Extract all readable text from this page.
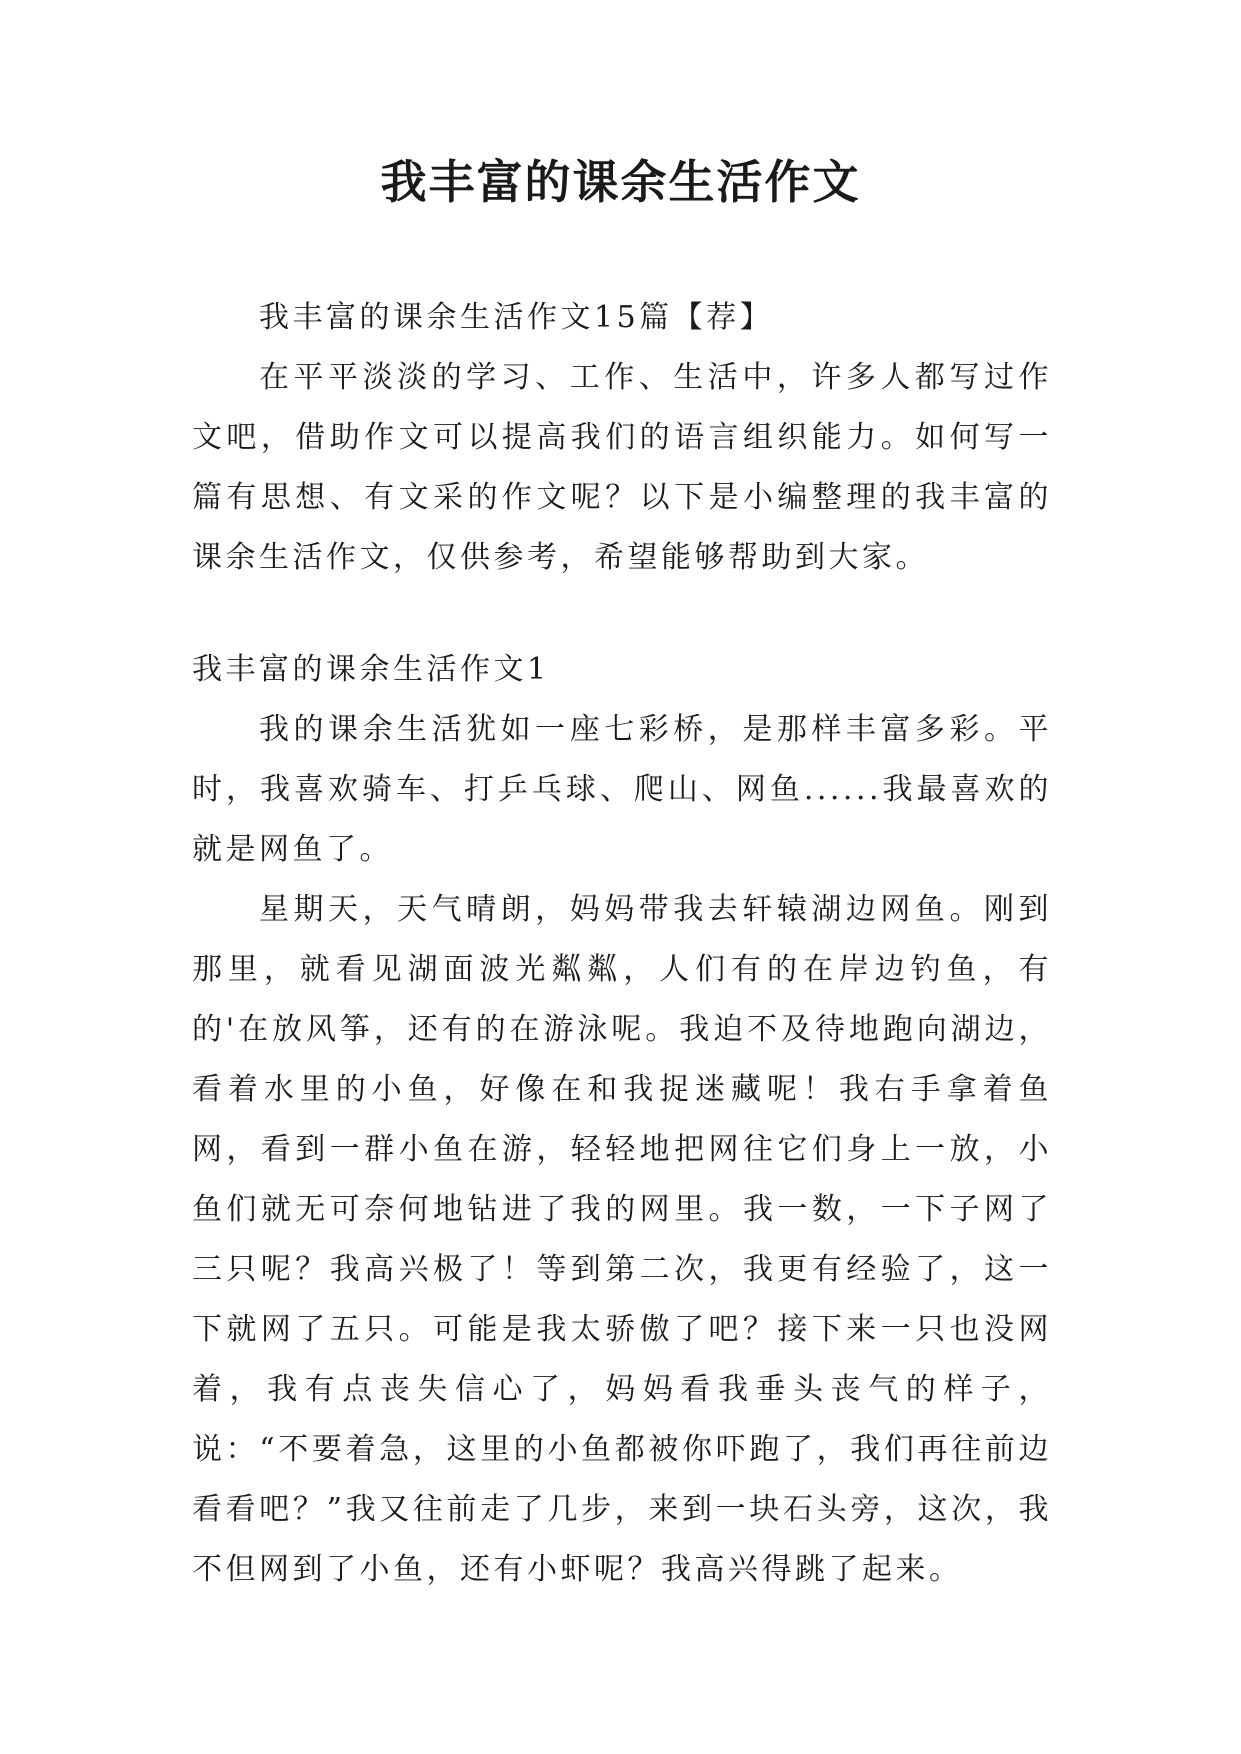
我丰富的课余生活作文

我丰富的课余生活作文15篇【荐】

在平平淡淡的学习、工作、生活中，许多人都写过作文吧，借助作文可以提高我们的语言组织能力。如何写一篇有思想、有文采的作文呢？以下是小编整理的我丰富的课余生活作文，仅供参考，希望能够帮助到大家。

我丰富的课余生活作文1

我的课余生活犹如一座七彩桥，是那样丰富多彩。平时，我喜欢骑车、打乒乓球、爬山、网鱼......我最喜欢的就是网鱼了。

星期天，天气晴朗，妈妈带我去轩辕湖边网鱼。刚到那里，就看见湖面波光粼粼，人们有的在岸边钓鱼，有的'在放风筝，还有的在游泳呢。我迫不及待地跑向湖边，看着水里的小鱼，好像在和我捉迷藏呢！我右手拿着鱼网，看到一群小鱼在游，轻轻地把网往它们身上一放，小鱼们就无可奈何地钻进了我的网里。我一数，一下子网了三只呢？我高兴极了！等到第二次，我更有经验了，这一下就网了五只。可能是我太骄傲了吧？接下来一只也没网着，我有点丧失信心了，妈妈看我垂头丧气的样子，说：“不要着急，这里的小鱼都被你吓跑了，我们再往前边看看吧？”我又往前走了几步，来到一块石头旁，这次，我不但网到了小鱼，还有小虾呢？我高兴得跳了起来。
